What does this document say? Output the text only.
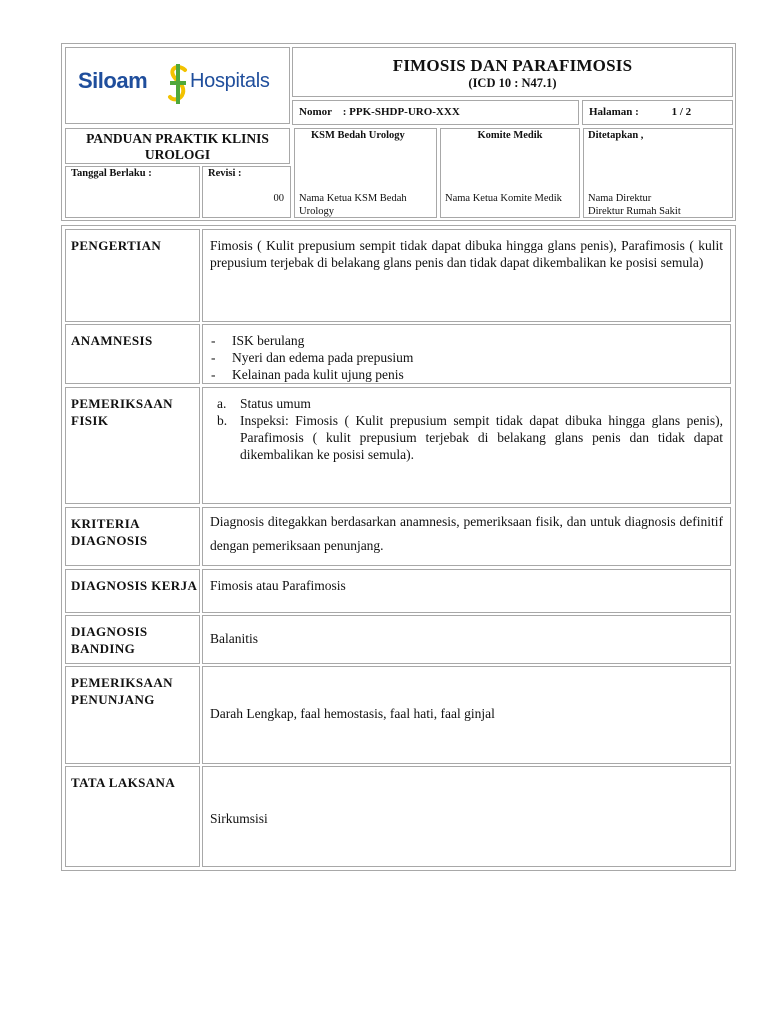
Siloam Hospitals
FIMOSIS DAN PARAFIMOSIS
(ICD 10 : N47.1)
Nomor : PPK-SHDP-URO-XXX	Halaman :	1 / 2
PANDUAN PRAKTIK KLINIS UROLOGI
KSM Bedah Urology
Nama Ketua KSM Bedah Urology
Komite Medik
Nama Ketua Komite Medik
Ditetapkan ,
Nama Direktur
Direktur Rumah Sakit
Tanggal Berlaku :	Revisi :
00
PENGERTIAN	Fimosis ( Kulit prepusium sempit tidak dapat dibuka hingga glans penis), Parafimosis ( kulit prepusium terjebak di belakang glans penis dan tidak dapat dikembalikan ke posisi semula)
ANAMNESIS
-	ISK berulang
- Nyeri dan edema pada prepusium
- Kelainan pada kulit ujung penis
PEMERIKSAAN FISIK
a. Status umum
b. Inspeksi: Fimosis ( Kulit prepusium sempit tidak dapat dibuka hingga glans penis), Parafimosis ( kulit prepusium terjebak di belakang glans penis dan tidak dapat dikembalikan ke posisi semula).
KRITERIA DIAGNOSIS
Diagnosis ditegakkan berdasarkan anamnesis, pemeriksaan fisik, dan untuk diagnosis definitif dengan pemeriksaan penunjang.
DIAGNOSIS KERJA Fimosis atau Parafimosis
DIAGNOSIS BANDING
Balanitis
PEMERIKSAAN PENUNJANG
Darah Lengkap, faal hemostasis, faal hati, faal ginjal
TATA LAKSANA
Sirkumsisi
